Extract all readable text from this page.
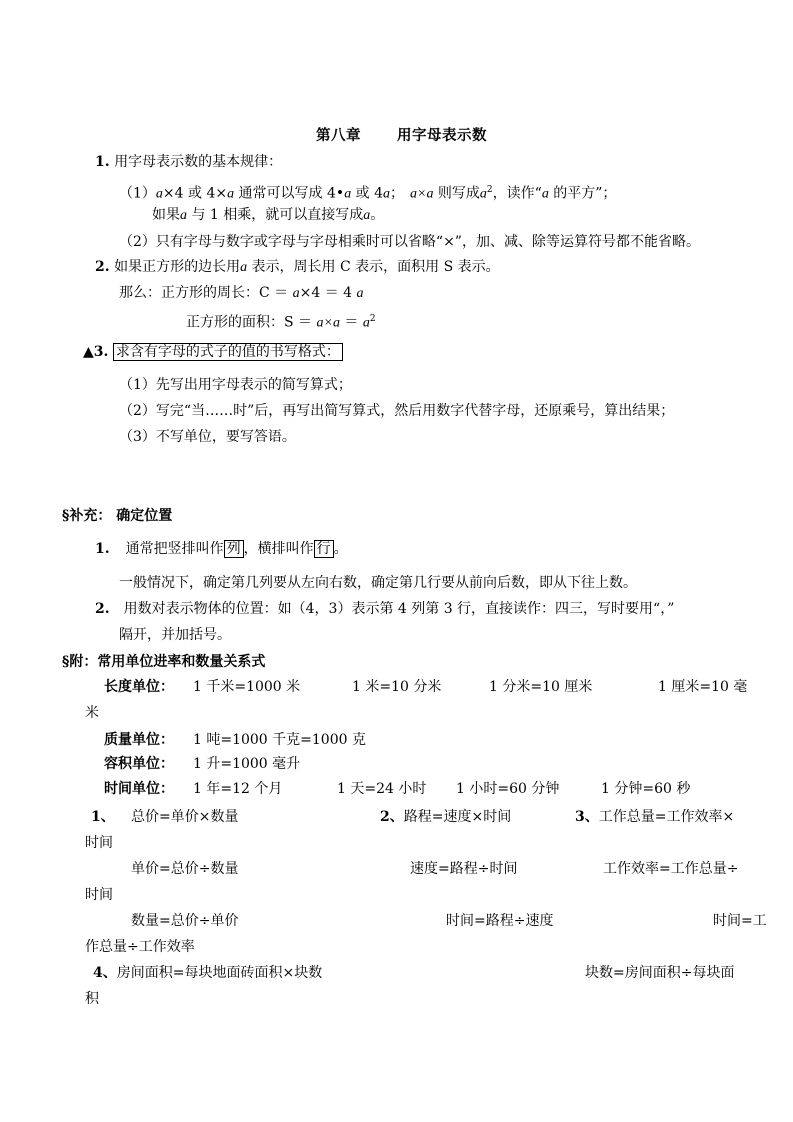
第八章 用字母表示数
1. 用字母表示数的基本规律：
（1）a×4 或 4×a 通常可以写成 4•a 或 4a； a×a 则写成$a^2$，读作“a 的平方”；
如果a 与 1 相乘，就可以直接写成a。
（2）只有字母与数字或字母与字母相乘时可以省略“×”，加、减、除等运算符号都不能省略。
2. 如果正方形的边长用a 表示，周长用 C 表示，面积用 S 表示。
那么：正方形的周长：C ＝ a×4 ＝ 4 a
正方形的面积：$S = a\times a = a^2$
▲3. 求含有字母的式子的值的书写格式：
（1）先写出用字母表示的简写算式；
（2）写完“当……时”后，再写出简写算式，然后用数字代替字母，还原乘号，算出结果；
（3）不写单位，要写答语。
§补充： 确定位置
1. 通常把竖排叫作 列 ，横排叫作 行 。
一般情况下，确定第几列要从左向右数，确定第几行要从前向后数，即从下往上数。
2. 用数对表示物体的位置：如（4，3）表示第 4 列第 3 行，直接读作：四三，写时要用“，”
隔开，并加括号。
§附：常用单位进率和数量关系式
长度单位： 1 千米=1000 米	1 米=10 分米	1 分米=10 厘米	1 厘米=10 毫
米
质量单位： 1 吨=1000 千克=1000 克
容积单位： 1 升=1000 毫升
时间单位： 1 年=12 个月	1 天=24 小时 1 小时=60 分钟	1 分钟=60 秒
1、 总价=单价×数量	2、路程=速度×时间	3、工作总量=工作效率×
时间
单价=总价÷数量	速度=路程÷时间	工作效率=工作总量÷
时间
数量=总价÷单价	时间=路程÷速度	时间=工
作总量÷工作效率
4、房间面积=每块地面砖面积×块数	块数=房间面积÷每块面
积
